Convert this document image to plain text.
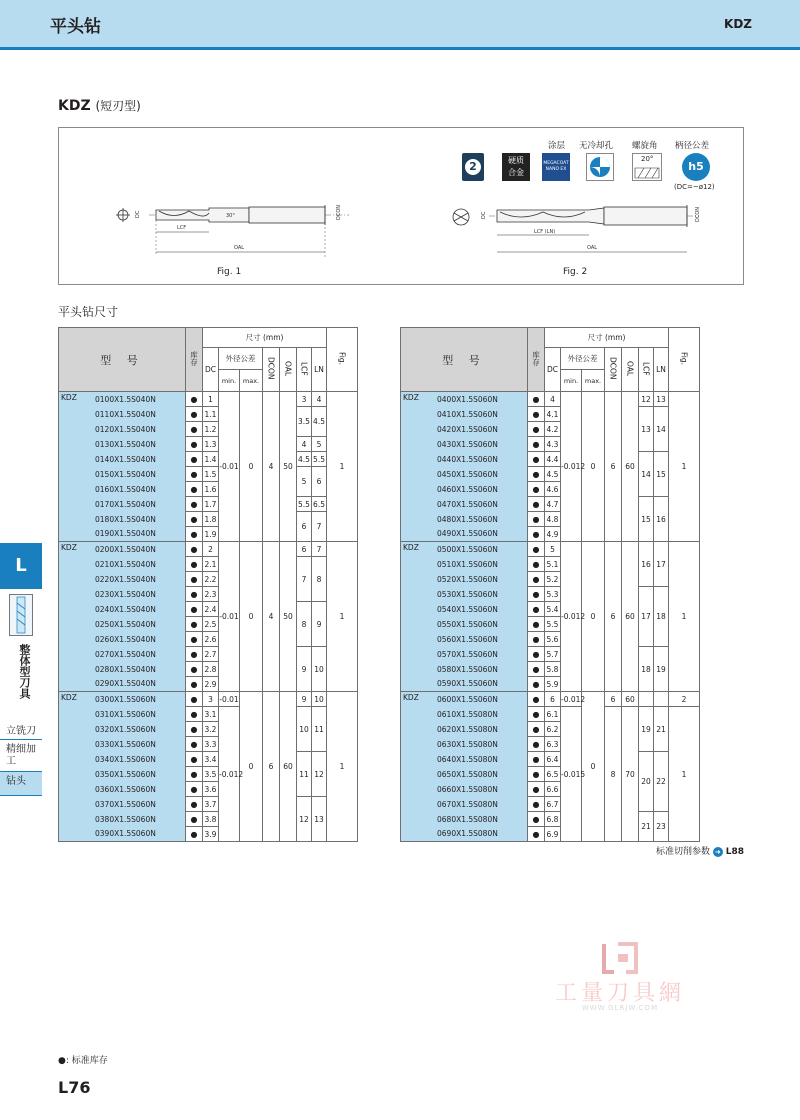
平头钻	KDZ
KDZ (短刃型)
DC
LCF
OAL
DCON
30°	DC
LCF (LN)
OAL
DCON
Fig. 1	Fig. 2
2	硬质
合金
涂层
MEGACOAT
NANO EX
无冷却孔 螺旋角
20°
柄径公差
h5
(DC=~ø12)
平头钻尺寸
型 号	库存	尺寸 (mm)							Fig.
		DC	外径公差		DCON	OAL	LCF	LN	
			min.	max.					

KDZ 0100X1.5S040N	●	1	-0.01	0	4	50	3	4	1

0110X1.5S040N	●	1.1					3.5	4.5	

0120X1.5S040N	●	1.2							

0130X1.5S040N	●	1.3					4	5	

0140X1.5S040N	●	1.4					4.5	5.5	

0150X1.5S040N	●	1.5					5	6	

0160X1.5S040N	●	1.6							

0170X1.5S040N	●	1.7					5.5	6.5	

0180X1.5S040N	●	1.8					6	7	

0190X1.5S040N	●	1.9							

KDZ 0200X1.5S040N	●	2	-0.01	0	4	50	6	7	1

0210X1.5S040N	●	2.1					7	8	

0220X1.5S040N	●	2.2							

0230X1.5S040N	●	2.3							

0240X1.5S040N	●	2.4					8	9	

0250X1.5S040N	●	2.5							

0260X1.5S040N	●	2.6							

0270X1.5S040N	●	2.7					9	10	

0280X1.5S040N	●	2.8							

0290X1.5S040N	●	2.9							

KDZ 0300X1.5S060N	●	3	-0.01	0	6	60	9	10	1

0310X1.5S060N	●	3.1	-0.012				10	11	

0320X1.5S060N	●	3.2							

0330X1.5S060N	●	3.3							

0340X1.5S060N	●	3.4					11	12	

0350X1.5S060N	●	3.5							

0360X1.5S060N	●	3.6							

0370X1.5S060N	●	3.7					12	13	

0380X1.5S060N	●	3.8							

0390X1.5S060N	●	3.9							
型 号	库存	尺寸 (mm)							Fig.
		DC	外径公差		DCON	OAL	LCF	LN	
			min.	max.					

KDZ 0400X1.5S060N	●	4	-0.012	0	6	60	12	13	1

0410X1.5S060N	●	4.1					13	14	

0420X1.5S060N	●	4.2							

0430X1.5S060N	●	4.3							

0440X1.5S060N	●	4.4					14	15	

0450X1.5S060N	●	4.5							

0460X1.5S060N	●	4.6							

0470X1.5S060N	●	4.7					15	16	

0480X1.5S060N	●	4.8							

0490X1.5S060N	●	4.9							

KDZ 0500X1.5S060N	●	5	-0.012	0	6	60	16	17	1

0510X1.5S060N	●	5.1							

0520X1.5S060N	●	5.2							

0530X1.5S060N	●	5.3					17	18	

0540X1.5S060N	●	5.4							

0550X1.5S060N	●	5.5							

0560X1.5S060N	●	5.6							

0570X1.5S060N	●	5.7					18	19	

0580X1.5S060N	●	5.8							

0590X1.5S060N	●	5.9							

KDZ 0600X1.5S060N	●	6	-0.012	0	6	60			2

0610X1.5S080N	●	6.1	-0.015		8	70	19	21	1

0620X1.5S080N	●	6.2							

0630X1.5S080N	●	6.3							

0640X1.5S080N	●	6.4					20	22	

0650X1.5S080N	●	6.5							

0660X1.5S080N	●	6.6							

0670X1.5S080N	●	6.7							

0680X1.5S080N	●	6.8					21	23	

0690X1.5S080N	●	6.9							
标准切削参数 ➜ L88
L
整体型刀具
立铣刀
精细加工
钻头
工量刀具網
WWW.GLRJW.COM
●: 标准库存
L76
